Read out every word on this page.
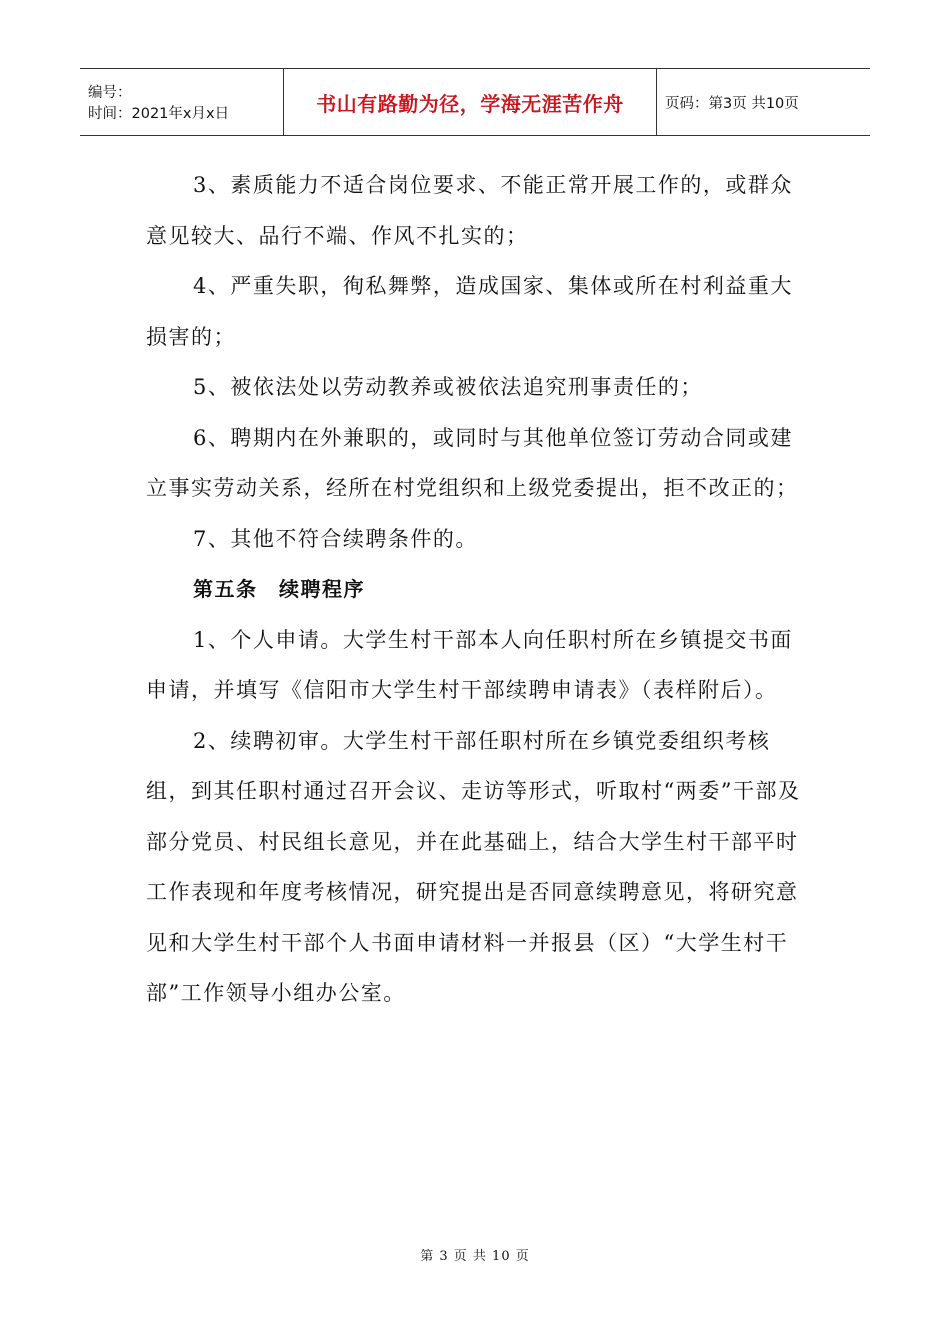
编号：
时间：2021年x月x日	书山有路勤为径，学海无涯苦作舟	页码：第3页 共10页

3、素质能力不适合岗位要求、不能正常开展工作的，或群众意见较大、品行不端、作风不扎实的；

4、严重失职，徇私舞弊，造成国家、集体或所在村利益重大损害的；

5、被依法处以劳动教养或被依法追究刑事责任的；

6、聘期内在外兼职的，或同时与其他单位签订劳动合同或建立事实劳动关系，经所在村党组织和上级党委提出，拒不改正的；

7、其他不符合续聘条件的。

第五条　续聘程序

1、个人申请。大学生村干部本人向任职村所在乡镇提交书面申请，并填写《信阳市大学生村干部续聘申请表》（表样附后）。

2、续聘初审。大学生村干部任职村所在乡镇党委组织考核组，到其任职村通过召开会议、走访等形式，听取村“两委”干部及部分党员、村民组长意见，并在此基础上，结合大学生村干部平时工作表现和年度考核情况，研究提出是否同意续聘意见，将研究意见和大学生村干部个人书面申请材料一并报县（区）“大学生村干部”工作领导小组办公室。

第 3 页 共 10 页
